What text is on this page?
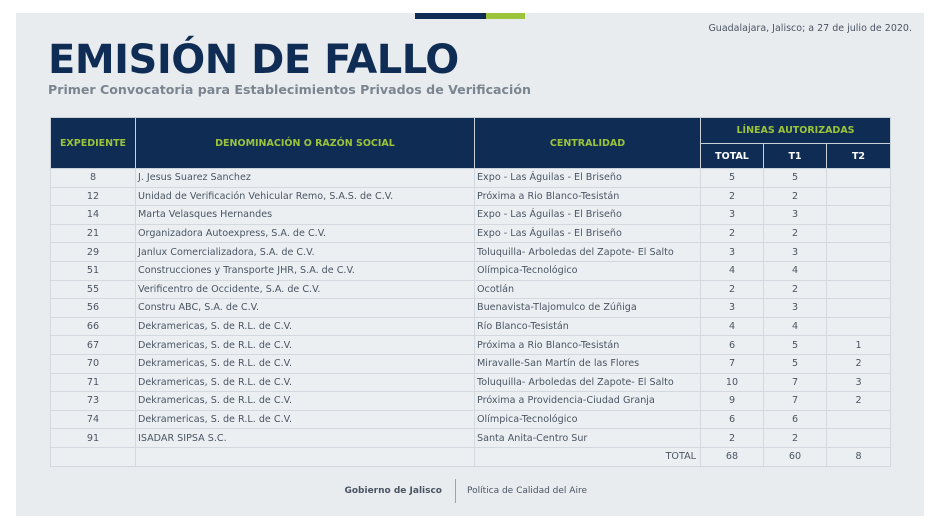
Guadalajara, Jalisco; a 27 de julio de 2020.
EMISIÓN DE FALLO
Primer Convocatoria para Establecimientos Privados de Verificación
EXPEDIENTE	DENOMINACIÓN O RAZÓN SOCIAL	CENTRALIDAD	LÍNEAS AUTORIZADAS		
			TOTAL	T1	T2
8	J. Jesus Suarez Sanchez	Expo - Las Águilas - El Briseño	5	5	
12	Unidad de Verificación Vehicular Remo, S.A.S. de C.V.	Próxima a Rio Blanco-Tesistán	2	2	
14	Marta Velasques Hernandes	Expo - Las Águilas - El Briseño	3	3	
21	Organizadora Autoexpress, S.A. de C.V.	Expo - Las Águilas - El Briseño	2	2	
29	Janlux Comercializadora, S.A. de C.V.	Toluquilla- Arboledas del Zapote- El Salto	3	3	
51	Construcciones y Transporte JHR, S.A. de C.V.	Olímpica-Tecnológico	4	4	
55	Verificentro de Occidente, S.A. de C.V.	Ocotlán	2	2	
56	Constru ABC, S.A. de C.V.	Buenavista-Tlajomulco de Zúñiga	3	3	
66	Dekramericas, S. de R.L. de C.V.	Río Blanco-Tesistán	4	4	
67	Dekramericas, S. de R.L. de C.V.	Próxima a Rio Blanco-Tesistán	6	5	1
70	Dekramericas, S. de R.L. de C.V.	Miravalle-San Martín de las Flores	7	5	2
71	Dekramericas, S. de R.L. de C.V.	Toluquilla- Arboledas del Zapote- El Salto	10	7	3
73	Dekramericas, S. de R.L. de C.V.	Próxima a Providencia-Ciudad Granja	9	7	2
74	Dekramericas, S. de R.L. de C.V.	Olímpica-Tecnológico	6	6	
91	ISADAR SIPSA S.C.	Santa Anita-Centro Sur	2	2	
		TOTAL	68	60	8
Gobierno de Jalisco	Política de Calidad del Aire
